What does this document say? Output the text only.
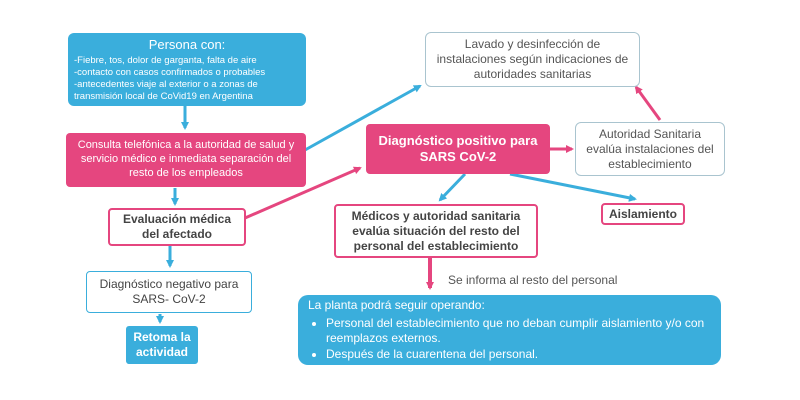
Persona con:
-Fiebre, tos, dolor de garganta, falta de aire
-contacto con casos confirmados o probables
-antecedentes viaje al exterior o a zonas de transmisión local de CoVid19 en Argentina
Consulta telefónica a la autoridad de salud y servicio médico e inmediata separación del resto de los empleados
Evaluación médica del afectado
Diagnóstico negativo para SARS- CoV-2
Retoma la actividad
Lavado y desinfección de instalaciones según indicaciones de autoridades sanitarias
Diagnóstico positivo para SARS CoV-2
Autoridad Sanitaria evalúa instalaciones del establecimiento
Médicos y autoridad sanitaria evalúa situación del resto del personal del establecimiento
Aislamiento
Se informa al resto del personal
La planta podrá seguir operando:
• Personal del establecimiento que no deban cumplir aislamiento y/o con reemplazos externos.
• Después de la cuarentena del personal.
